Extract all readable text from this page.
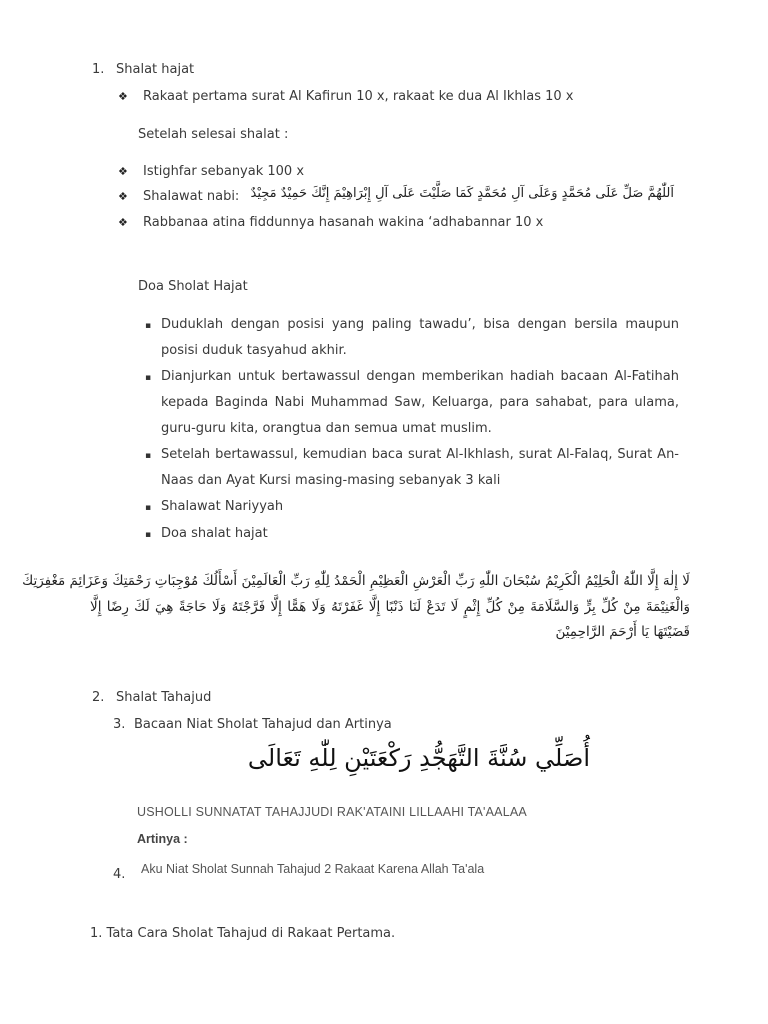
1. Shalat hajat
❖ Rakaat pertama surat Al Kafirun 10 x, rakaat ke dua Al Ikhlas 10 x
Setelah selesai shalat :
❖ Istighfar sebanyak 100 x
❖ Shalawat nabi: اَللّٰهُمَّ صَلِّ عَلَى مُحَمَّدٍ وَعَلَى آلِ مُحَمَّدٍ كَمَا صَلَّيْتَ عَلَى آلِ إِبْرَاهِيْمَ إِنَّكَ حَمِيْدٌ مَجِيْدٌ
❖ Rabbanaa atina fiddunnya hasanah wakina ‘adhabannar 10 x
Doa Sholat Hajat
▪ Duduklah dengan posisi yang paling tawadu’, bisa dengan bersila maupun posisi duduk tasyahud akhir.
▪ Dianjurkan untuk bertawassul dengan memberikan hadiah bacaan Al-Fatihah kepada Baginda Nabi Muhammad Saw, Keluarga, para sahabat, para ulama, guru-guru kita, orangtua dan semua umat muslim.
▪ Setelah bertawassul, kemudian baca surat Al-Ikhlash, surat Al-Falaq, Surat An-Naas dan Ayat Kursi masing-masing sebanyak 3 kali
▪ Shalawat Nariyyah
▪ Doa shalat hajat
لَا إِلٰهَ إِلَّا اللّٰهُ الْحَلِيْمُ الْكَرِيْمُ سُبْحَانَ اللّٰهِ رَبِّ الْعَرْشِ الْعَظِيْمِ الْحَمْدُ لِلّٰهِ رَبِّ الْعَالَمِيْنَ أَسْأَلُكَ مُوْجِبَاتِ رَحْمَتِكَ وَعَزَائِمَ مَغْفِرَتِكَ
وَالْغَنِيْمَةَ مِنْ كُلِّ بِرٍّ وَالسَّلَامَةَ مِنْ كُلِّ إِثْمٍ لَا تَدَعْ لَنَا ذَنْبًا إِلَّا غَفَرْتَهُ وَلَا هَمًّا إِلَّا فَرَّجْتَهُ وَلَا حَاجَةً هِيَ لَكَ رِضًا إِلَّا
قَضَيْتَهَا يَا أَرْحَمَ الرَّاحِمِيْنَ
2. Shalat Tahajud
3. Bacaan Niat Sholat Tahajud dan Artinya
أُصَلِّي سُنَّةَ التَّهَجُّدِ رَكْعَتَيْنِ لِلّٰهِ تَعَالَى
USHOLLI SUNNATAT TAHAJJUDI RAK'ATAINI LILLAAHI TA'AALAA
Artinya :
4. Aku Niat Sholat Sunnah Tahajud 2 Rakaat Karena Allah Ta'ala
1. Tata Cara Sholat Tahajud di Rakaat Pertama.
